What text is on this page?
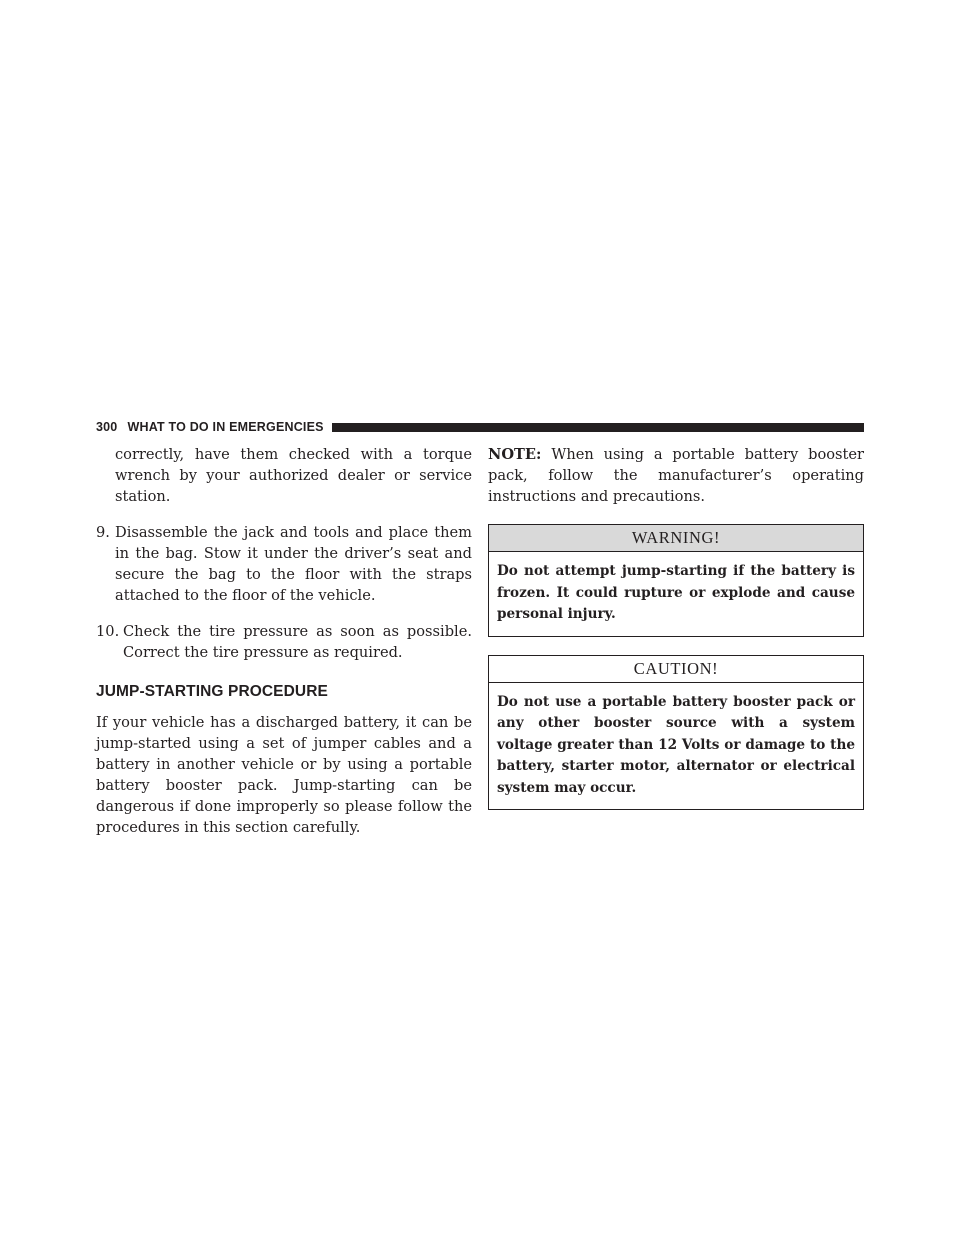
300 WHAT TO DO IN EMERGENCIES

correctly, have them checked with a torque wrench by your authorized dealer or service station.

9. Disassemble the jack and tools and place them in the bag. Stow it under the driver’s seat and secure the bag to the floor with the straps attached to the floor of the vehicle.
10. Check the tire pressure as soon as possible. Correct the tire pressure as required.
JUMP-STARTING PROCEDURE

If your vehicle has a discharged battery, it can be jump-started using a set of jumper cables and a battery in another vehicle or by using a portable battery booster pack. Jump-starting can be dangerous if done improperly so please follow the procedures in this section carefully.

NOTE: When using a portable battery booster pack, follow the manufacturer’s operating instructions and precautions.

WARNING!
Do not attempt jump-starting if the battery is frozen. It could rupture or explode and cause personal injury.
CAUTION!
Do not use a portable battery booster pack or any other booster source with a system voltage greater than 12 Volts or damage to the battery, starter motor, alternator or electrical system may occur.
